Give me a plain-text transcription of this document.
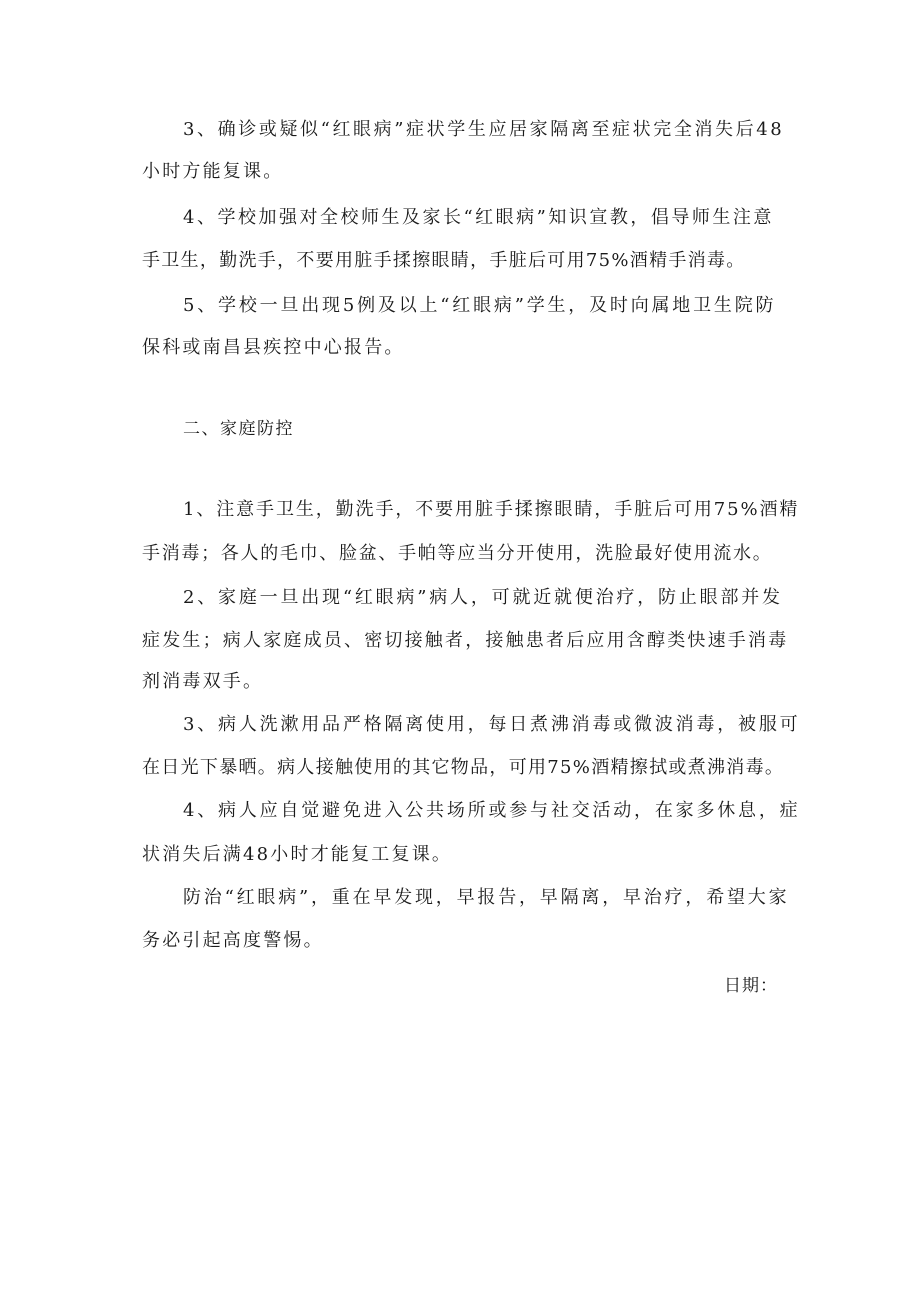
3、确诊或疑似“红眼病”症状学生应居家隔离至症状完全消失后48
小时方能复课。
4、学校加强对全校师生及家长“红眼病”知识宣教，倡导师生注意
手卫生，勤洗手，不要用脏手揉擦眼睛，手脏后可用75%酒精手消毒。
5、学校一旦出现5例及以上“红眼病”学生，及时向属地卫生院防
保科或南昌县疾控中心报告。
二、家庭防控
1、注意手卫生，勤洗手，不要用脏手揉擦眼睛，手脏后可用75%酒精
手消毒；各人的毛巾、脸盆、手帕等应当分开使用，洗脸最好使用流水。
2、家庭一旦出现“红眼病”病人，可就近就便治疗，防止眼部并发
症发生；病人家庭成员、密切接触者，接触患者后应用含醇类快速手消毒
剂消毒双手。
3、病人洗漱用品严格隔离使用，每日煮沸消毒或微波消毒，被服可
在日光下暴晒。病人接触使用的其它物品，可用75%酒精擦拭或煮沸消毒。
4、病人应自觉避免进入公共场所或参与社交活动，在家多休息，症
状消失后满48小时才能复工复课。
防治“红眼病”，重在早发现，早报告，早隔离，早治疗，希望大家
务必引起高度警惕。
日期：
